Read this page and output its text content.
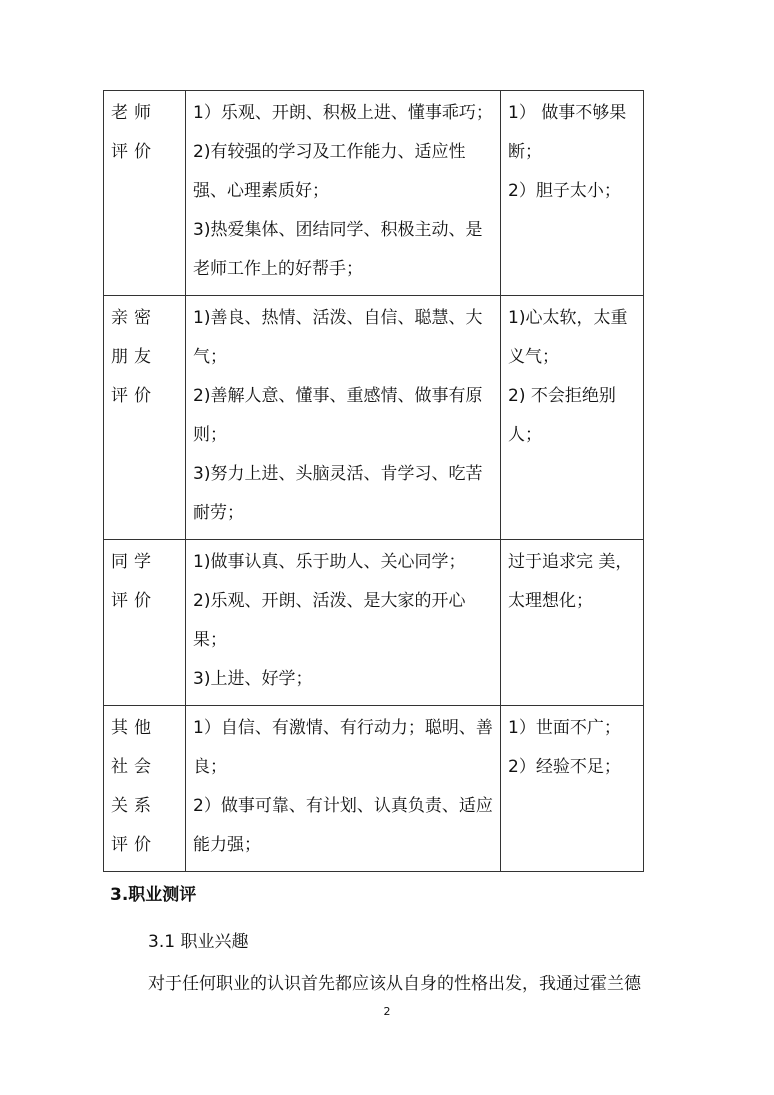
老师评价	1）乐观、开朗、积极上进、懂事乖巧；
2)有较强的学习及工作能力、适应性强、心理素质好；
3)热爱集体、团结同学、积极主动、是老师工作上的好帮手；	1） 做事不够果断；
2）胆子太小；

亲密朋友评价	1)善良、热情、活泼、自信、聪慧、大气；
2)善解人意、懂事、重感情、做事有原则；
3)努力上进、头脑灵活、肯学习、吃苦耐劳；	1)心太软，太重义气；
2) 不会拒绝别人；

同学评价	1)做事认真、乐于助人、关心同学；
2)乐观、开朗、活泼、是大家的开心果；
3)上进、好学；	过于追求完 美，太理想化；

其他社会关系评价	1）自信、有激情、有行动力；聪明、善良；
2）做事可靠、有计划、认真负责、适应能力强；	1）世面不广；
2）经验不足；
3.职业测评
3.1 职业兴趣
对于任何职业的认识首先都应该从自身的性格出发，我通过霍兰德
2
